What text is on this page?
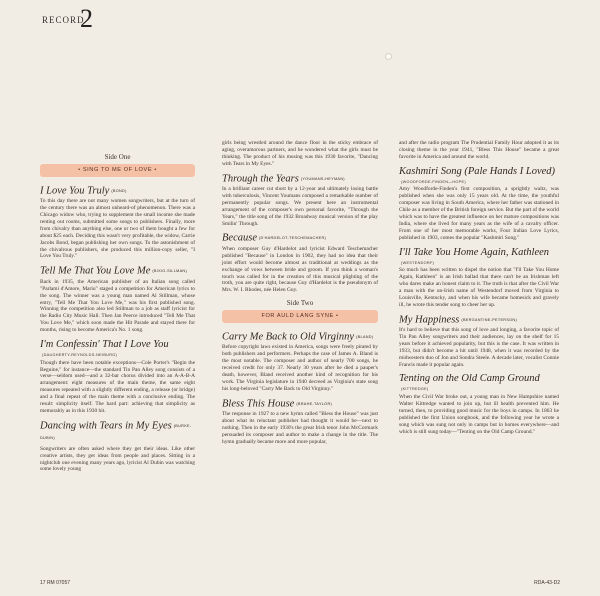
RECORD
2
Side One
• SING TO ME OF LOVE •
I Love You Truly (BOND)

To this day there are not many women songwriters, but at the turn of the century there was an almost unheard-of phenomenon. There was a Chicago widow who, trying to supplement the small income she made renting out rooms, submitted some songs to publishers. Finally, more from chivalry than anything else, one or two of them bought a few for about $25 each. Deciding this wasn't very profitable, the widow, Carrie Jacobs Bond, began publishing her own songs. To the astonishment of the chivalrous publishers, she produced this million-copy seller, "I Love You Truly."

Tell Me That You Love Me (BIXIO-SILLMAN)

Back in 1935, the American publisher of an Italian song called "Parlami d'Amore, Mariu" staged a competition for American lyrics to the song. The winner was a young man named Al Stillman, whose entry, "Tell Me That You Love Me," was his first published song. Winning the competition also led Stillman to a job as staff lyricist for the Radio City Music Hall. Then Jan Peerce introduced "Tell Me That You Love Me," which soon made the Hit Parade and stayed there for months, rising to become America's No. 1 song.

I'm Confessin' That I Love You
(DAUGHERTY-REYNOLDS-NEIBURG)

Though there have been notable exceptions—Cole Porter's "Begin the Beguine," for instance—the standard Tin Pan Alley song consists of a verse—seldom used—and a 32-bar chorus divided into an A-A-B-A arrangement: eight measures of the main theme, the same eight measures repeated with a slightly different ending, a release (or bridge) and a final repeat of the main theme with a conclusive ending. The result: simplicity itself. The hard part: achieving that simplicity as memorably as in this 1930 hit.

Dancing with Tears in My Eyes (BURKE-DUBIN)

Songwriters are often asked where they get their ideas. Like other creative artists, they get ideas from people and places. Sitting in a nightclub one evening many years ago, lyricist Al Dubin was watching some lovely young

girls being wrestled around the dance floor in the sticky embrace of aging, overamorous partners, and he wondered what the girls must be thinking. The product of his musing was this 1930 favorite, "Dancing with Tears in My Eyes."

Through the Years (YOUMANS-HEYMAN)

In a brilliant career cut short by a 12-year and ultimately losing battle with tuberculosis, Vincent Youmans composed a remarkable number of permanently popular songs. We present here an instrumental arrangement of the composer's own personal favorite, "Through the Years," the title song of the 1932 Broadway musical version of the play Smilin' Through.

Because (D'HARDELOT-TESCHEMACHER)

When composer Guy d'Hardelot and lyricist Edward Teschemacher published "Because" in London in 1902, they had no idea that their joint effort would become almost as traditional at weddings as the exchange of vows between bride and groom. If you think a woman's touch was called for in the creation of this musical plighting of the troth, you are quite right, because Guy d'Hardelot is the pseudonym of Mrs. W. I. Rhodes, née Helen Guy.

Side Two
FOR AULD LANG SYNE •
Carry Me Back to Old Virginny (BLAND)

Before copyright laws existed in America, songs were freely pirated by both publishers and performers. Perhaps the case of James A. Bland is the most notable. The composer and author of nearly 700 songs, he received credit for only 37. Nearly 30 years after he died a pauper's death, however, Bland received another kind of recognition for his work. The Virginia legislature in 1940 decreed as Virginia's state song his long-beloved "Carry Me Back to Old Virginny."

Bless This House (BRAHE-TAYLOR)

The response in 1927 to a new hymn called "Bless the House" was just about what its reluctant publisher had thought it would be—next to nothing. Then in the early 1930's the great Irish tenor John McCormack persuaded its composer and author to make a change in the title. The hymn gradually became more and more popular,

and after the radio program The Prudential Family Hour adopted it as its closing theme in the year 1941, "Bless This House" became a great favorite in America and around the world.

Kashmiri Song (Pale Hands I Loved)
(WOODFORDE-FINDEN—HOPE)

Amy Woodforde-Finden's first composition, a sprightly waltz, was published when she was only 15 years old. At the time, the youthful composer was living in South America, where her father was stationed in Chile as a member of the British foreign service. But the part of the world which was to have the greatest influence on her mature compositions was India, where she lived for many years as the wife of a cavalry officer. From one of her most memorable works, Four Indian Love Lyrics, published in 1903, comes the popular "Kashmiri Song."

I'll Take You Home Again, Kathleen
(WESTENDORF)

So much has been written to dispel the notion that "I'll Take You Home Again, Kathleen" is an Irish ballad that there can't be an Irishman left who dares make an honest claim to it. The truth is that after the Civil War a man with the un-Irish name of Westendorf moved from Virginia to Louisville, Kentucky, and when his wife became homesick and gravely ill, he wrote this tender song to cheer her up.

My Happiness (BERGANTINE-PETERSON)

It's hard to believe that this song of love and longing, a favorite topic of Tin Pan Alley songwriters and their audiences, lay on the shelf for 15 years before it achieved popularity, but this is the case. It was written in 1933, but didn't become a hit until 1948, when it was recorded by the midwestern duo of Jon and Sondra Steele. A decade later, vocalist Connie Francis made it popular again.

Tenting on the Old Camp Ground
(KITTREDGE)

When the Civil War broke out, a young man in New Hampshire named Walter Kittredge wanted to join up, but ill health prevented him. He turned, then, to providing good music for the boys in camps. In 1863 he published the first Union songbook, and the following year he wrote a song which was sung not only in camps but in homes everywhere—and which is still sung today—"Tenting on the Old Camp Ground."

17 RM 07057	RDA-43-D2
